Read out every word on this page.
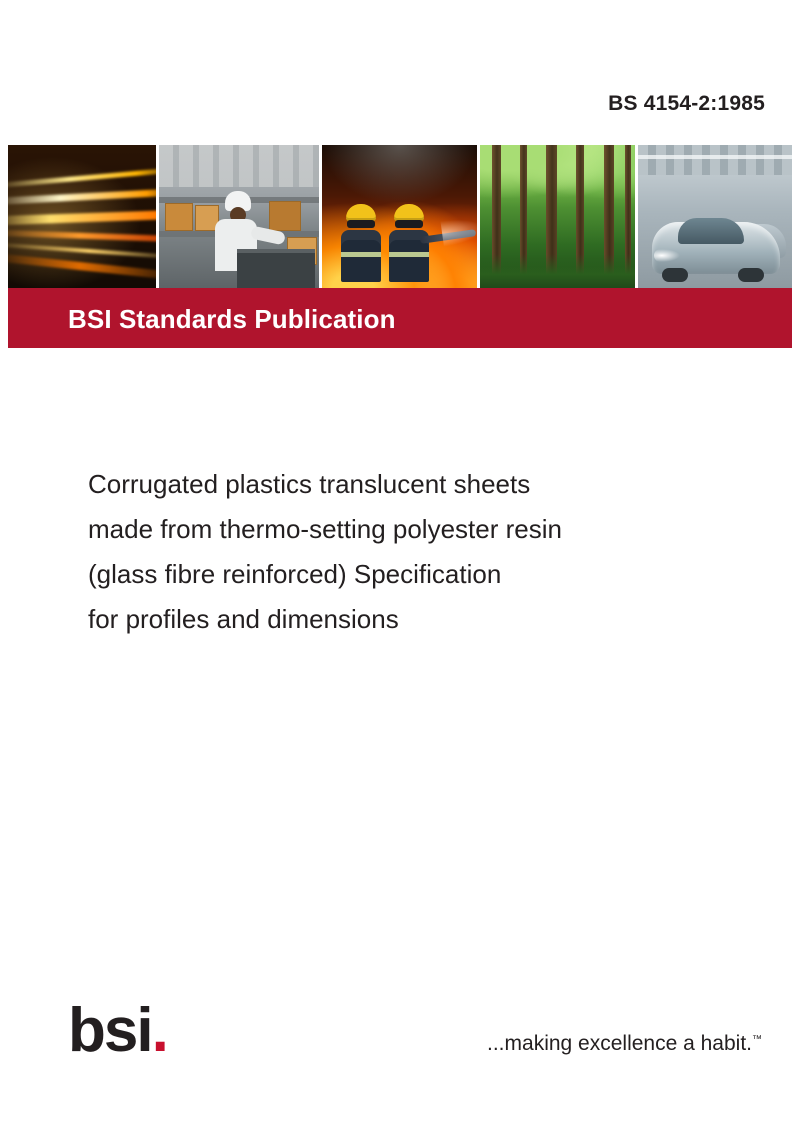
BS 4154-2:1985
BSI Standards Publication
Corrugated plastics translucent sheets
made from thermo-setting polyester resin
(glass fibre reinforced) Specification
for profiles and dimensions
bsi.	...making excellence a habit.™
